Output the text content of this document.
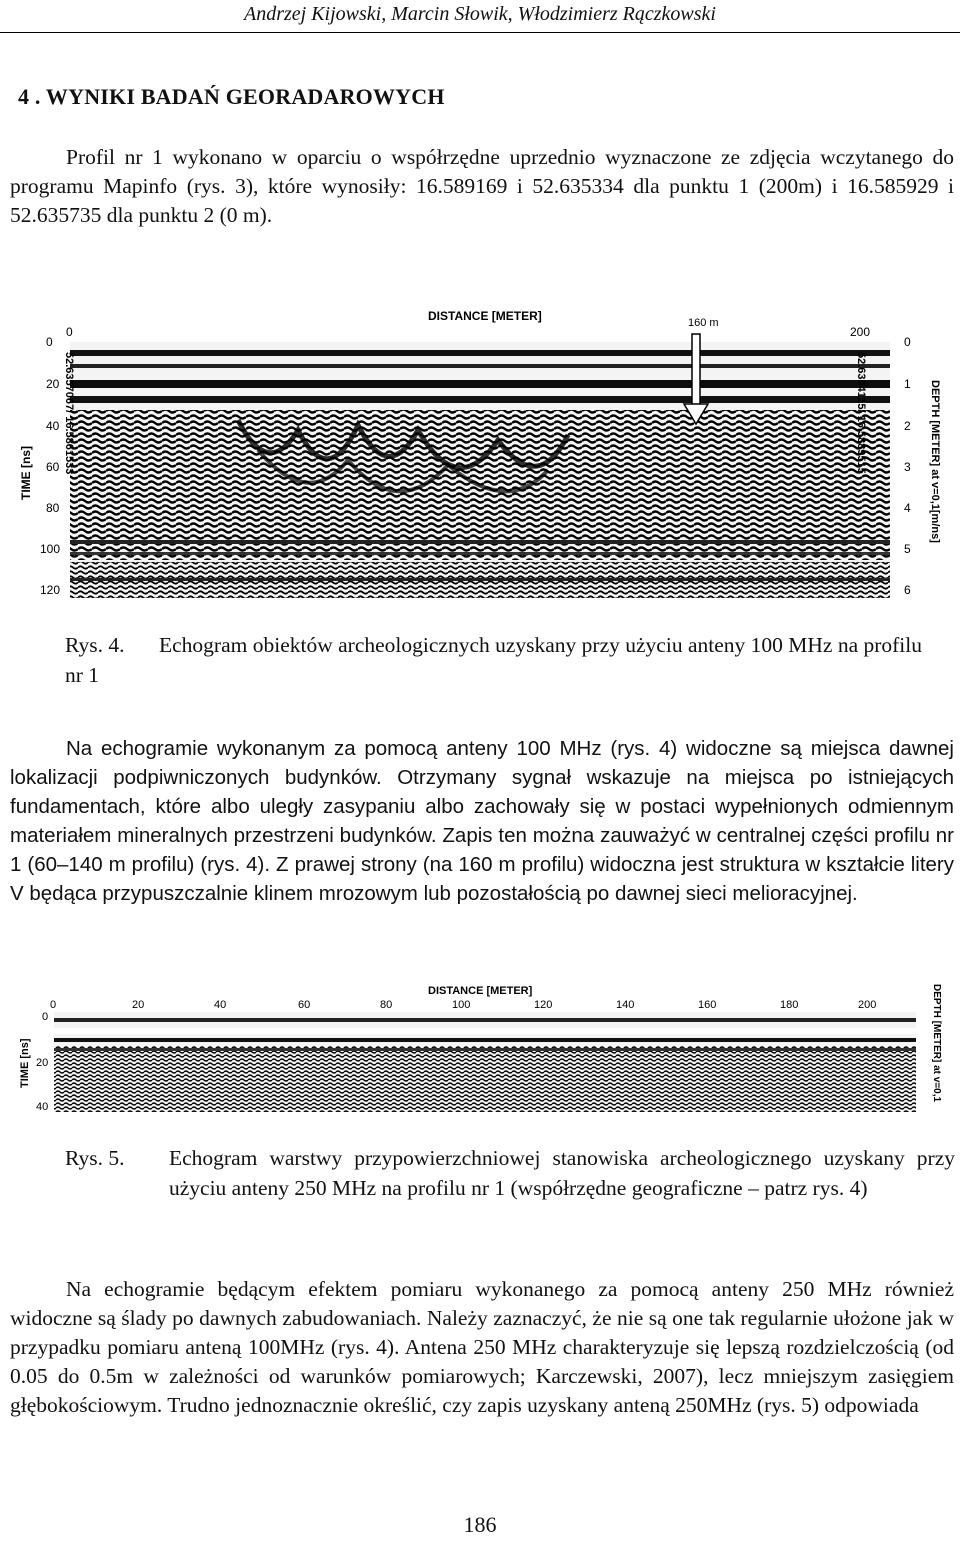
Andrzej Kijowski, Marcin Słowik, Włodzimierz Rączkowski
4 . WYNIKI BADAŃ GEORADAROWYCH
Profil nr 1 wykonano w oparciu o współrzędne uprzednio wyznaczone ze zdjęcia wczytanego do programu Mapinfo (rys. 3), które wynosiły: 16.589169 i 52.635334 dla punktu 1 (200m) i 16.585929 i 52.635735 dla punktu 2 (0 m).
DISTANCE [METER]	160 m
0	200
52.6357067/ 16.5861533	52.6354115/ 16.5889515
TIME [ns]
0
20
40
60
80
100
120
0
1
2
3
4
5
6
DEPTH [METER] at v=0,1[m/ns]
Rys. 4. Echogram obiektów archeologicznych uzyskany przy użyciu anteny 100 MHz na profilu nr 1
Na echogramie wykonanym za pomocą anteny 100 MHz (rys. 4) widoczne są miejsca dawnej lokalizacji podpiwniczonych budynków. Otrzymany sygnał wskazuje na miejsca po istniejących fundamentach, które albo uległy zasypaniu albo zachowały się w postaci wypełnionych odmiennym materiałem mineralnych przestrzeni budynków. Zapis ten można zauważyć w centralnej części profilu nr 1 (60–140 m profilu) (rys. 4). Z prawej strony (na 160 m profilu) widoczna jest struktura w kształcie litery V będąca przypuszczalnie klinem mrozowym lub pozostałością po dawnej sieci melioracyjnej.
DISTANCE [METER]
0	20	40	60	80	100	120	140	160	180	200
TIME [ns]
0
20
40
DEPTH [METER] at v=0,1
Rys. 5.	Echogram warstwy przypowierzchniowej stanowiska archeologicznego uzyskany przy użyciu anteny 250 MHz na profilu nr 1 (współrzędne geograficzne – patrz rys. 4)
Na echogramie będącym efektem pomiaru wykonanego za pomocą anteny 250 MHz również widoczne są ślady po dawnych zabudowaniach. Należy zaznaczyć, że nie są one tak regularnie ułożone jak w przypadku pomiaru anteną 100MHz (rys. 4). Antena 250 MHz charakteryzuje się lepszą rozdzielczością (od 0.05 do 0.5m w zależności od warunków pomiarowych; Karczewski, 2007), lecz mniejszym zasięgiem głębokościowym. Trudno jednoznacznie określić, czy zapis uzyskany anteną 250MHz (rys. 5) odpowiada
186
